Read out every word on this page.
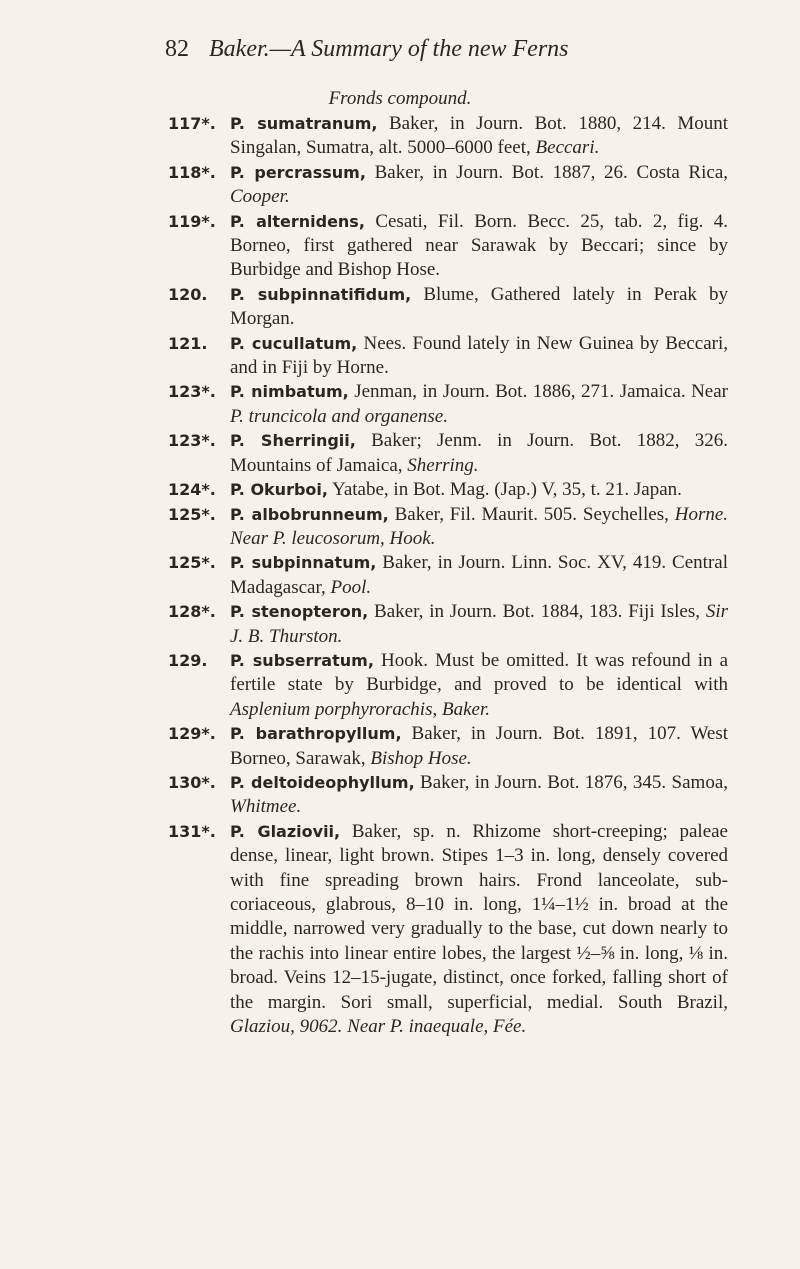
82 Baker.—A Summary of the new Ferns
Fronds compound.
117*. P. sumatranum, Baker, in Journ. Bot. 1880, 214. Mount Singalan, Sumatra, alt. 5000–6000 feet, Beccari.
118*. P. percrassum, Baker, in Journ. Bot. 1887, 26. Costa Rica, Cooper.
119*. P. alternidens, Cesati, Fil. Born. Becc. 25, tab. 2, fig. 4. Borneo, first gathered near Sarawak by Beccari; since by Burbidge and Bishop Hose.
120. P. subpinnatifidum, Blume, Gathered lately in Perak by Morgan.
121. P. cucullatum, Nees. Found lately in New Guinea by Beccari, and in Fiji by Horne.
123*. P. nimbatum, Jenman, in Journ. Bot. 1886, 271. Jamaica. Near P. truncicola and organense.
123*. P. Sherringii, Baker; Jenm. in Journ. Bot. 1882, 326. Mountains of Jamaica, Sherring.
124*. P. Okurboi, Yatabe, in Bot. Mag. (Jap.) V, 35, t. 21. Japan.
125*. P. albobrunneum, Baker, Fil. Maurit. 505. Seychelles, Horne. Near P. leucosorum, Hook.
125*. P. subpinnatum, Baker, in Journ. Linn. Soc. XV, 419. Central Madagascar, Pool.
128*. P. stenopteron, Baker, in Journ. Bot. 1884, 183. Fiji Isles, Sir J. B. Thurston.
129. P. subserratum, Hook. Must be omitted. It was refound in a fertile state by Burbidge, and proved to be identical with Asplenium porphyrorachis, Baker.
129*. P. barathropyllum, Baker, in Journ. Bot. 1891, 107. West Borneo, Sarawak, Bishop Hose.
130*. P. deltoideophyllum, Baker, in Journ. Bot. 1876, 345. Samoa, Whitmee.
131*. P. Glaziovii, Baker, sp. n. Rhizome short-creeping; paleae dense, linear, light brown. Stipes 1–3 in. long, densely covered with fine spreading brown hairs. Frond lanceolate, sub-coriaceous, glabrous, 8–10 in. long, 1¼–1½ in. broad at the middle, narrowed very gradually to the base, cut down nearly to the rachis into linear entire lobes, the largest ½–⅝ in. long, ⅛ in. broad. Veins 12–15-jugate, distinct, once forked, falling short of the margin. Sori small, superficial, medial. South Brazil, Glaziou, 9062. Near P. inaequale, Fée.
